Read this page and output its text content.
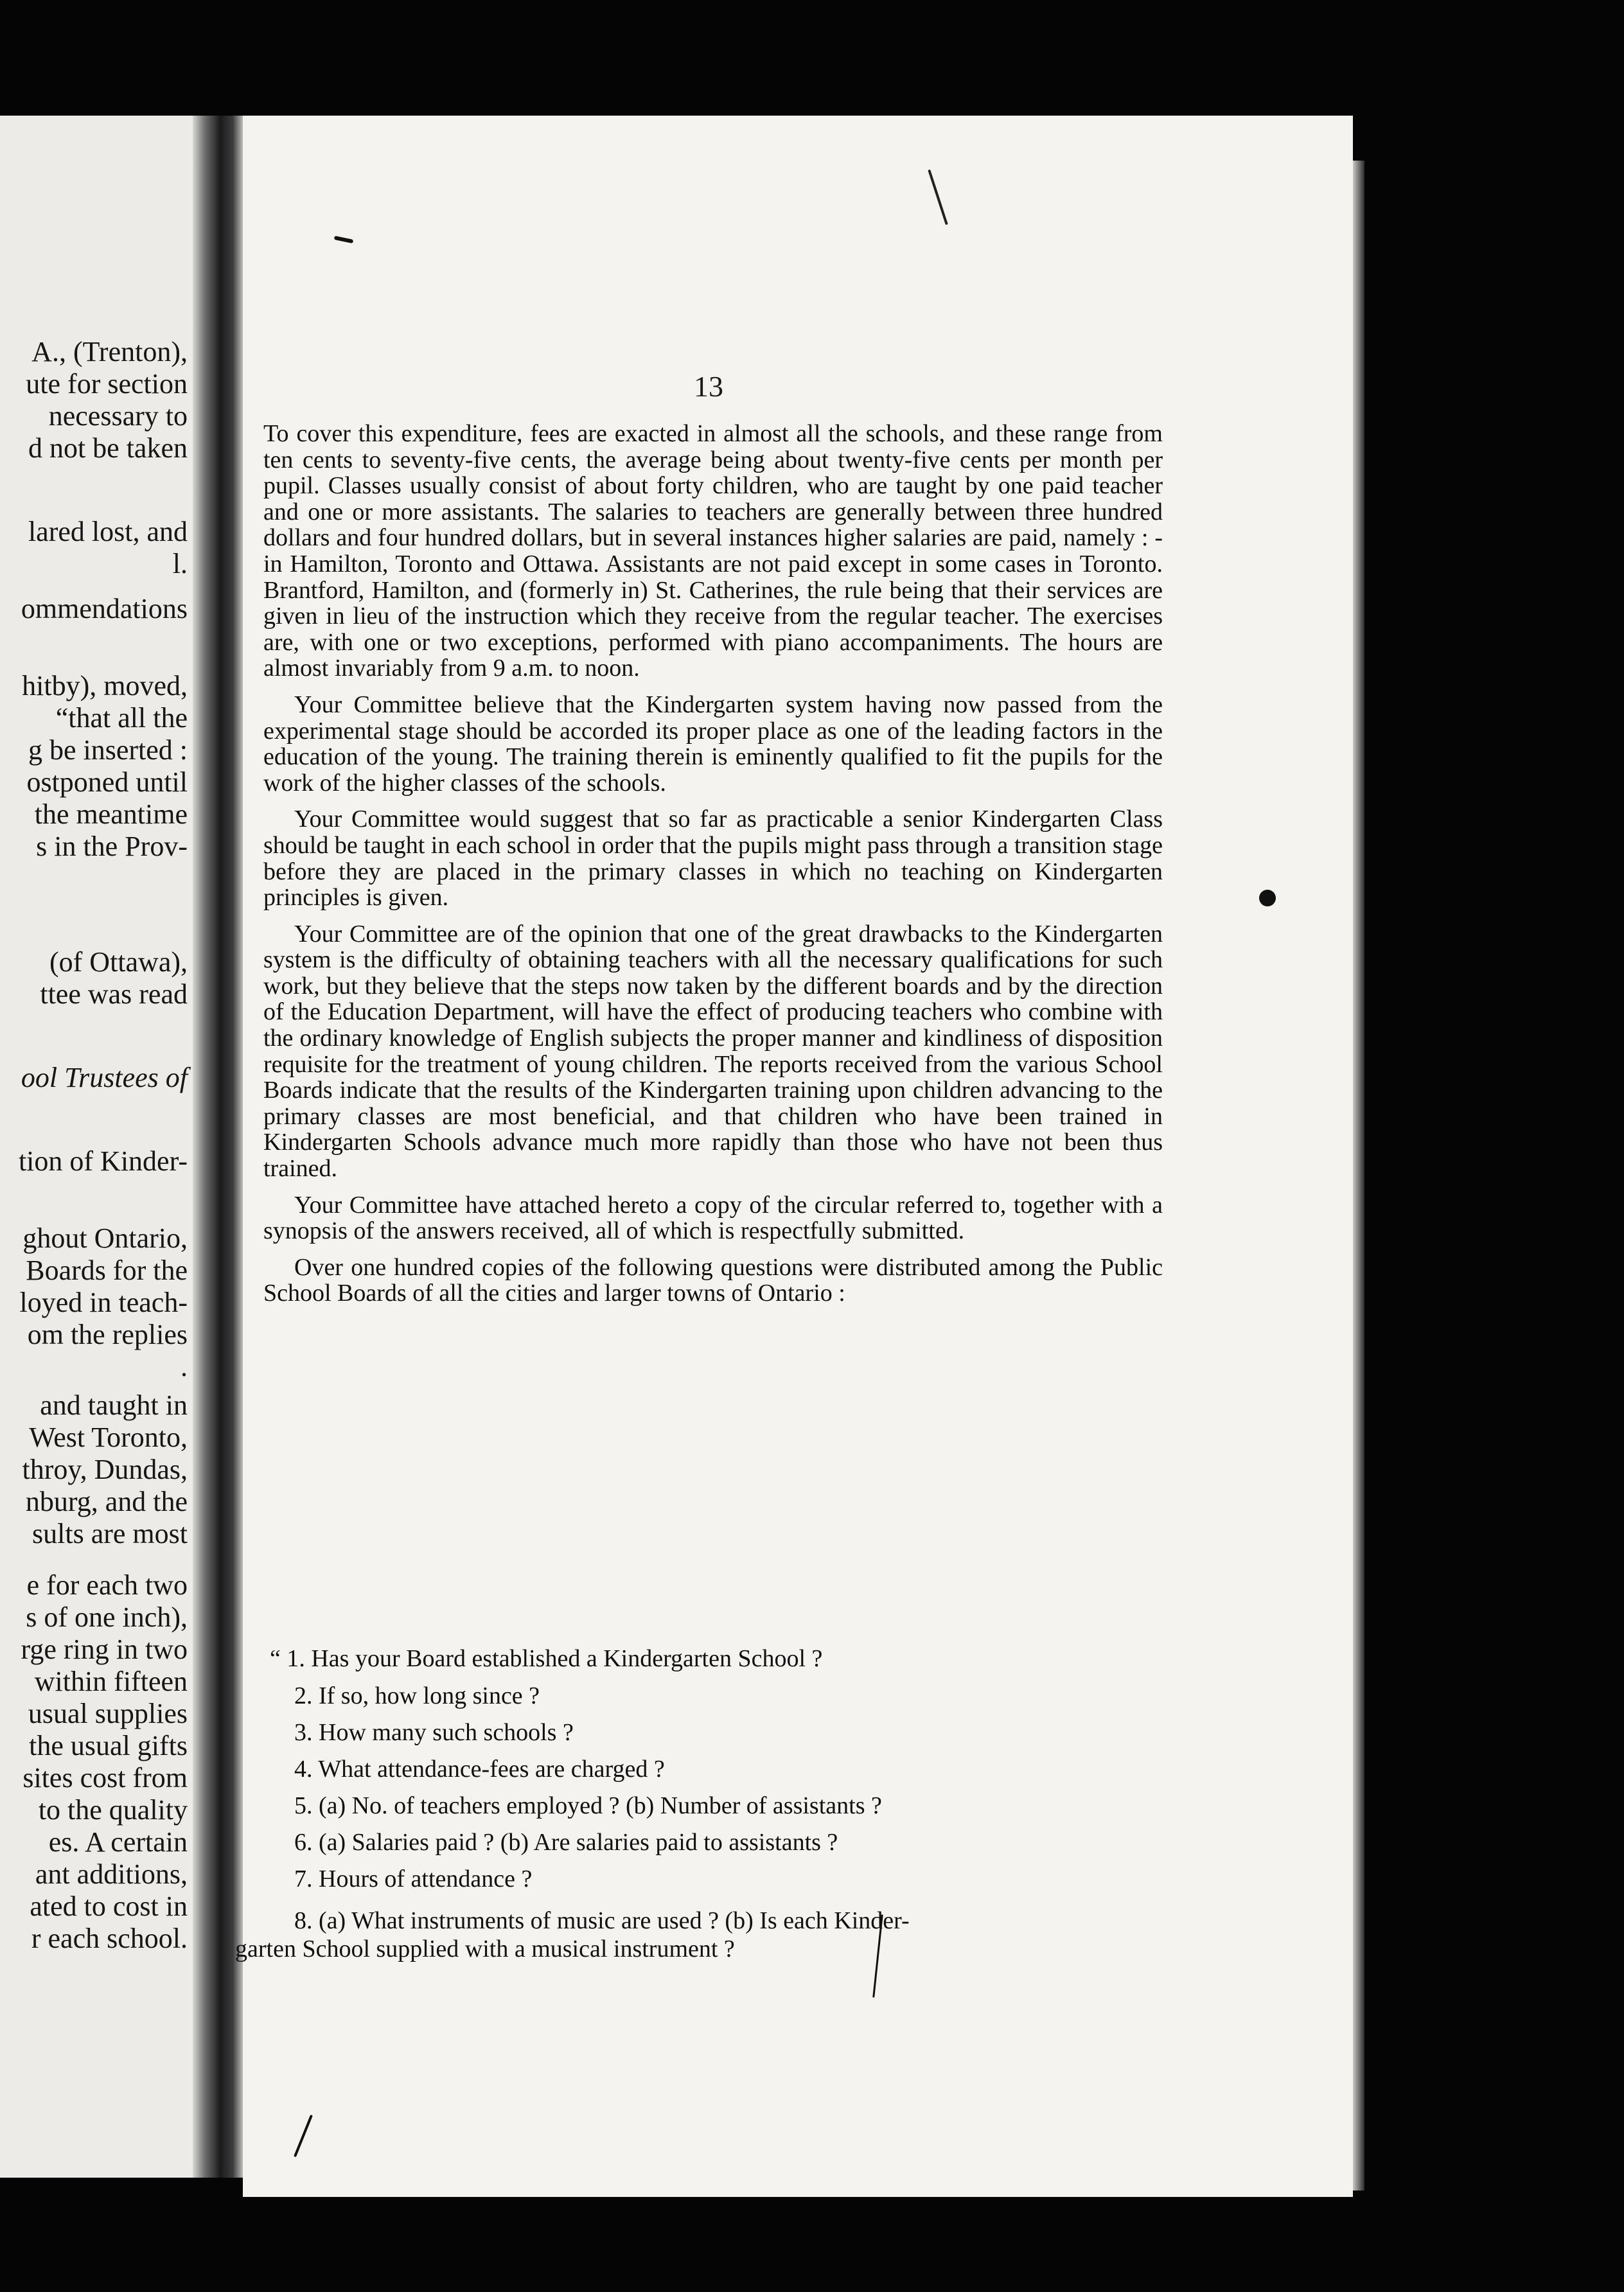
A., (Trenton),
ute for section
necessary to
d not be taken
lared lost, and
l.
ommendations
hitby), moved,
“that all the
g be inserted :
ostponed until
the meantime
s in the Prov-
(of Ottawa),
ttee was read
ool Trustees of
tion of Kinder-
ghout Ontario,
Boards for the
loyed in teach-
om the replies
.
and taught in
West Toronto,
throy, Dundas,
nburg, and the
sults are most
e for each two
s of one inch),
rge ring in two
within fifteen
usual supplies
the usual gifts
sites cost from
to the quality
es. A certain
ant additions,
ated to cost in
r each school.
13

To cover this expenditure, fees are exacted in almost all the schools, and these range from ten cents to seventy-five cents, the average being about twenty-five cents per month per pupil. Classes usually consist of about forty children, who are taught by one paid teacher and one or more assistants. The salaries to teachers are generally between three hundred dollars and four hundred dollars, but in several instances higher salaries are paid, namely : - in Hamilton, Toronto and Ottawa. Assistants are not paid except in some cases in Toronto. Brantford, Hamilton, and (formerly in) St. Catherines, the rule being that their services are given in lieu of the instruction which they receive from the regular teacher. The exercises are, with one or two exceptions, performed with piano accompaniments. The hours are almost invariably from 9 a.m. to noon.

Your Committee believe that the Kindergarten system having now passed from the experimental stage should be accorded its proper place as one of the leading factors in the education of the young. The training therein is eminently qualified to fit the pupils for the work of the higher classes of the schools.

Your Committee would suggest that so far as practicable a senior Kindergarten Class should be taught in each school in order that the pupils might pass through a transition stage before they are placed in the primary classes in which no teaching on Kindergarten principles is given.

Your Committee are of the opinion that one of the great drawbacks to the Kindergarten system is the difficulty of obtaining teachers with all the necessary qualifications for such work, but they believe that the steps now taken by the different boards and by the direction of the Education Department, will have the effect of producing teachers who combine with the ordinary knowledge of English subjects the proper manner and kindliness of disposition requisite for the treatment of young children. The reports received from the various School Boards indicate that the results of the Kindergarten training upon children advancing to the primary classes are most beneficial, and that children who have been trained in Kindergarten Schools advance much more rapidly than those who have not been thus trained.

Your Committee have attached hereto a copy of the circular referred to, together with a synopsis of the answers received, all of which is respectfully submitted.

Over one hundred copies of the following questions were distributed among the Public School Boards of all the cities and larger towns of Ontario :

“ 1. Has your Board established a Kindergarten School ?
2. If so, how long since ?
3. How many such schools ?
4. What attendance-fees are charged ?
5. (a) No. of teachers employed ? (b) Number of assistants ?
6. (a) Salaries paid ? (b) Are salaries paid to assistants ?
7. Hours of attendance ?
8. (a) What instruments of music are used ? (b) Is each Kinder-
garten School supplied with a musical instrument ?
